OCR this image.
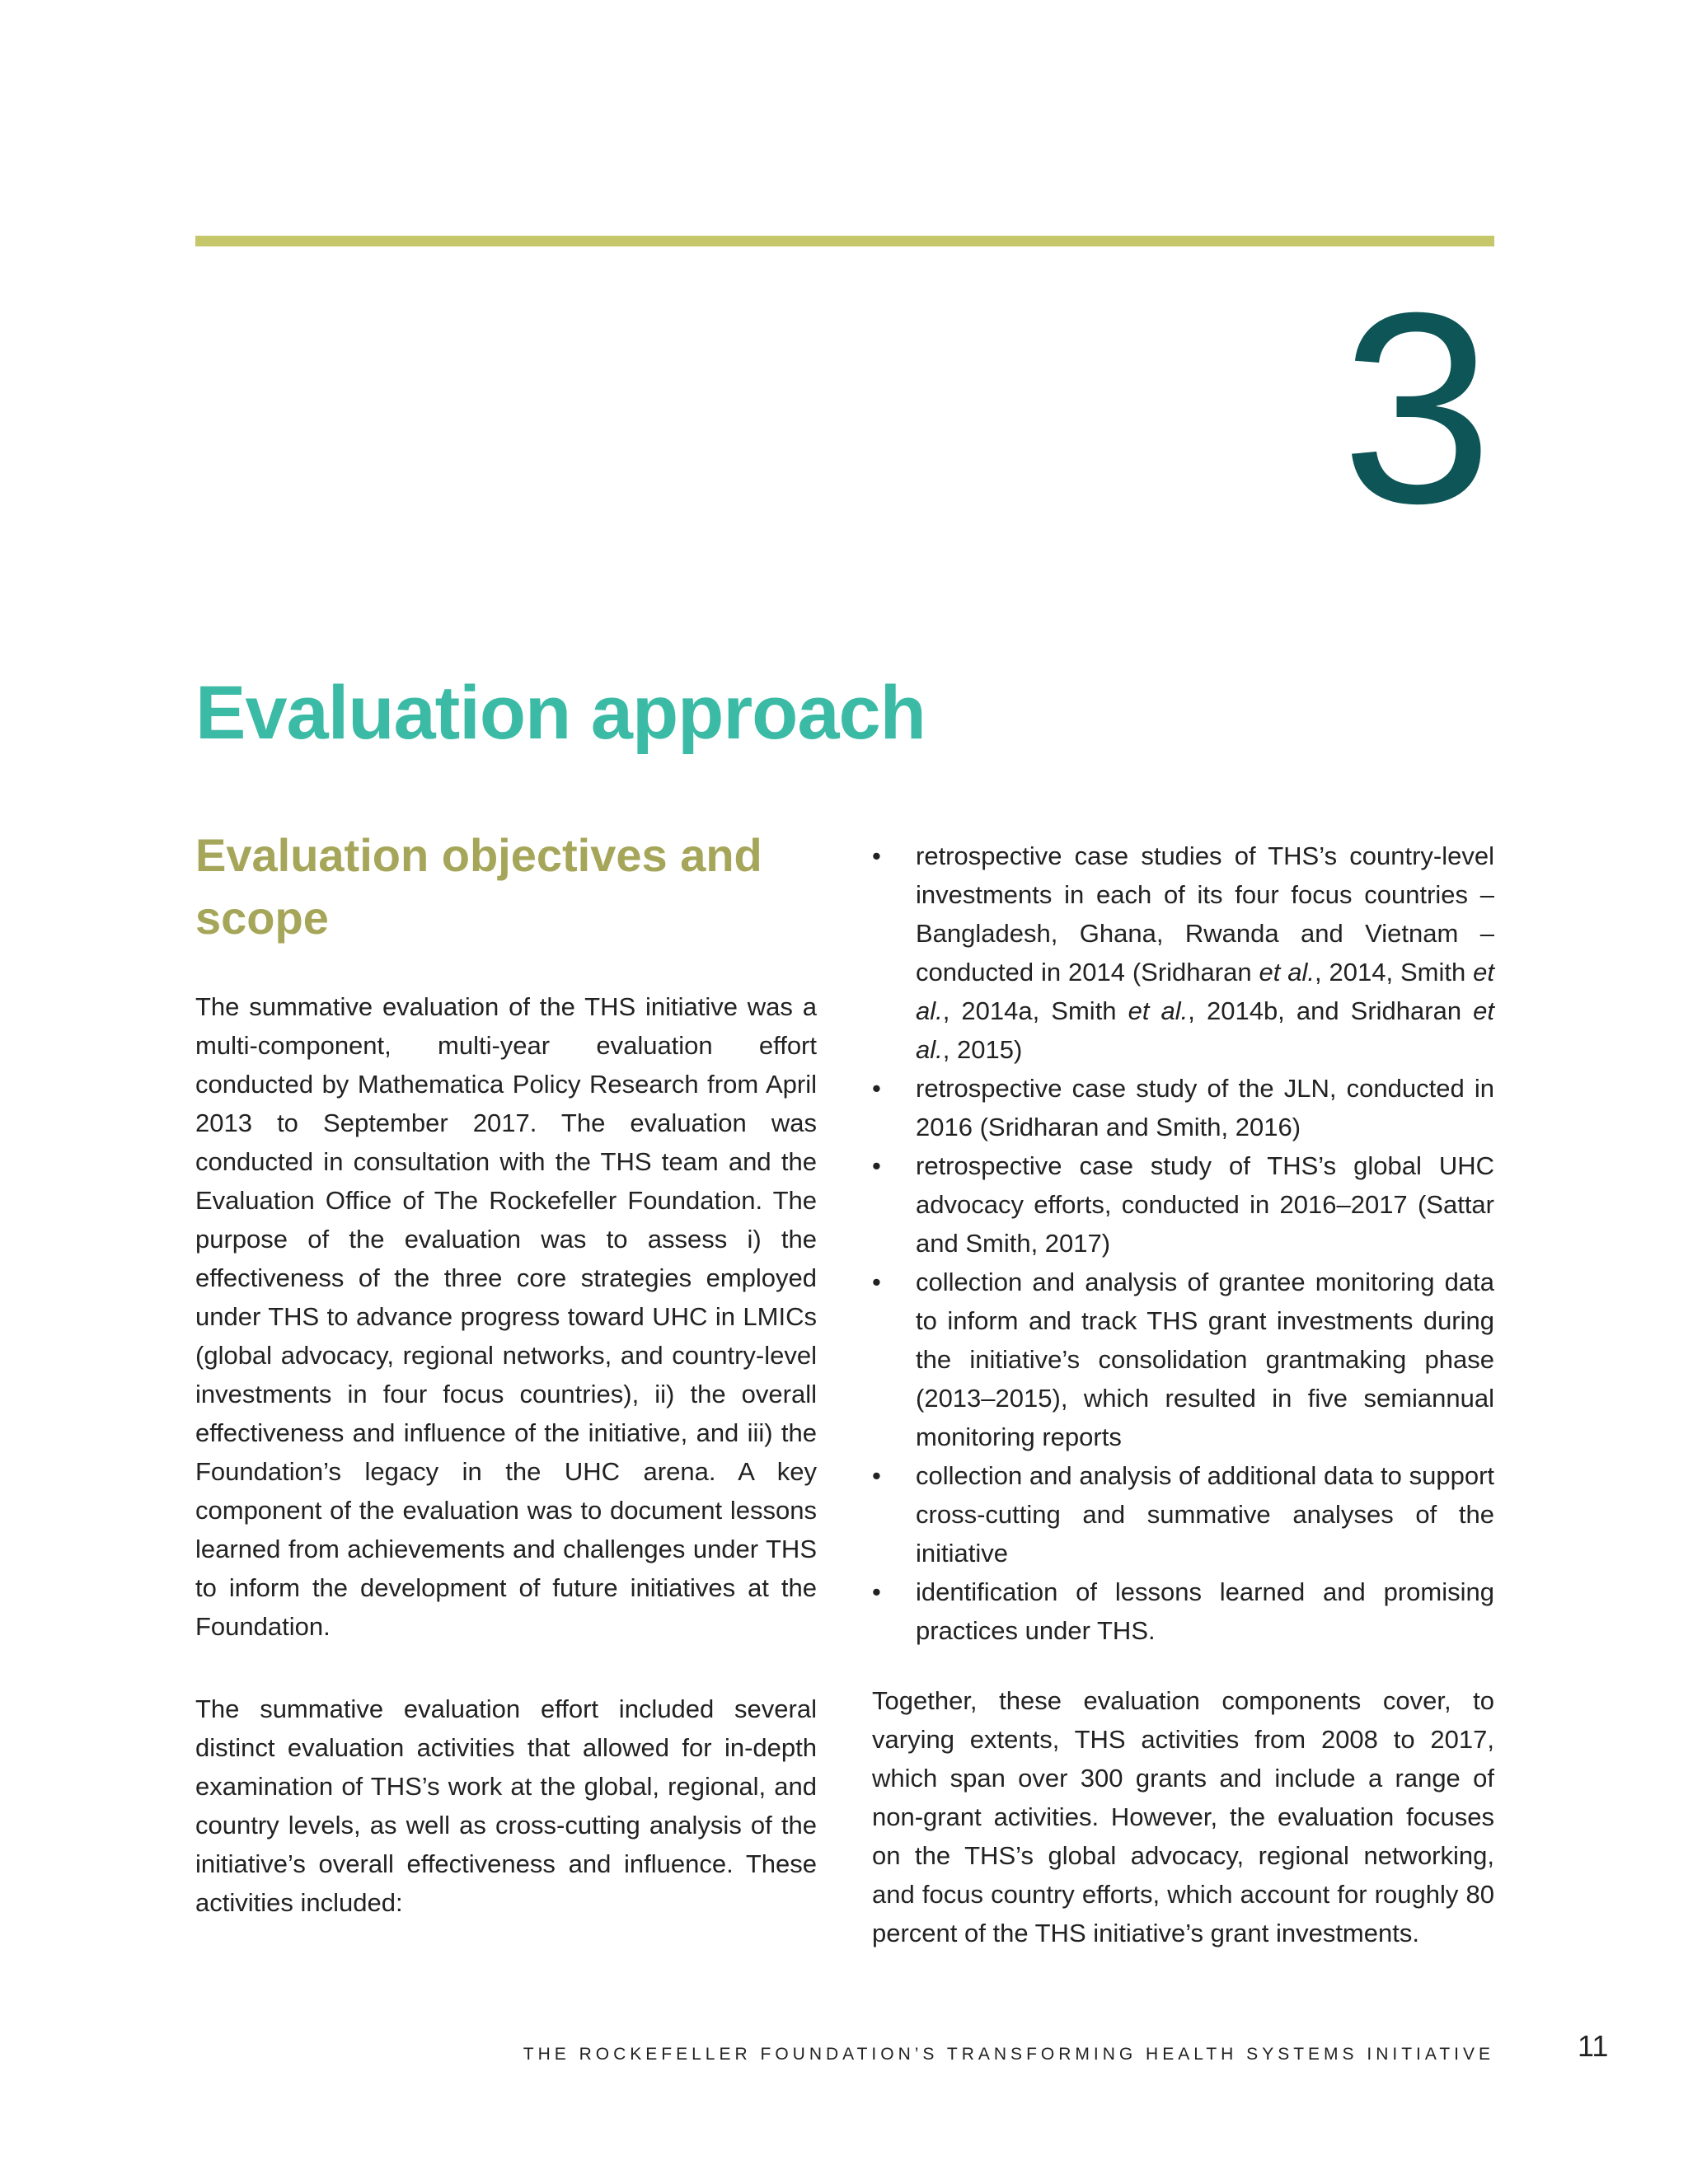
3
Evaluation approach
Evaluation objectives and scope

The summative evaluation of the THS initiative was a multi-component, multi-year evaluation effort conducted by Mathematica Policy Research from April 2013 to September 2017. The evaluation was conducted in consultation with the THS team and the Evaluation Office of The Rockefeller Foundation. The purpose of the evaluation was to assess i) the effectiveness of the three core strategies employed under THS to advance progress toward UHC in LMICs (global advocacy, regional networks, and country-level investments in four focus countries), ii) the overall effectiveness and influence of the initiative, and iii) the Foundation’s legacy in the UHC arena. A key component of the evaluation was to document lessons learned from achievements and challenges under THS to inform the development of future initiatives at the Foundation.

The summative evaluation effort included several distinct evaluation activities that allowed for in-depth examination of THS’s work at the global, regional, and country levels, as well as cross-cutting analysis of the initiative’s overall effectiveness and influence. These activities included:

• retrospective case studies of THS’s country-level investments in each of its four focus countries – Bangladesh, Ghana, Rwanda and Vietnam – conducted in 2014 (Sridharan et al., 2014, Smith et al., 2014a, Smith et al., 2014b, and Sridharan et al., 2015)
• retrospective case study of the JLN, conducted in 2016 (Sridharan and Smith, 2016)
• retrospective case study of THS’s global UHC advocacy efforts, conducted in 2016–2017 (Sattar and Smith, 2017)
• collection and analysis of grantee monitoring data to inform and track THS grant investments during the initiative’s consolidation grantmaking phase (2013–2015), which resulted in five semiannual monitoring reports
• collection and analysis of additional data to support cross-cutting and summative analyses of the initiative
• identification of lessons learned and promising practices under THS.

Together, these evaluation components cover, to varying extents, THS activities from 2008 to 2017, which span over 300 grants and include a range of non-grant activities. However, the evaluation focuses on the THS’s global advocacy, regional networking, and focus country efforts, which account for roughly 80 percent of the THS initiative’s grant investments.

THE ROCKEFELLER FOUNDATION’S TRANSFORMING HEALTH SYSTEMS INITIATIVE	11
